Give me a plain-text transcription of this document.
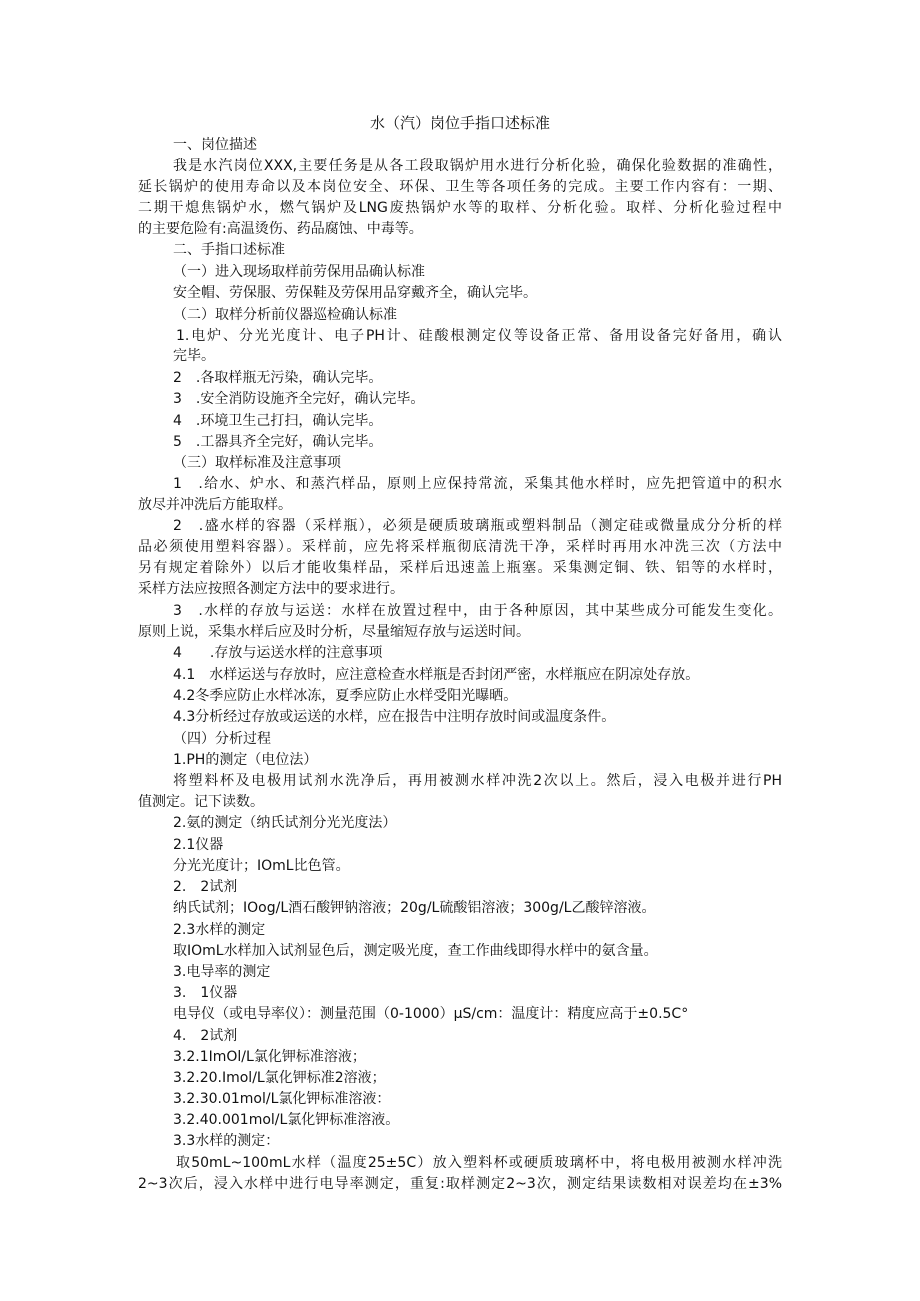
水（汽）岗位手指口述标准
一、岗位描述
我是水汽岗位XXX,主要任务是从各工段取锅炉用水进行分析化验，确保化验数据的准确性，
延长锅炉的使用寿命以及本岗位安全、环保、卫生等各项任务的完成。主要工作内容有：一期、
二期干熄焦锅炉水，燃气锅炉及LNG废热锅炉水等的取样、分析化验。取样、分析化验过程中
的主要危险有:高温烫伤、药品腐蚀、中毒等。
二、手指口述标准
（一）进入现场取样前劳保用品确认标准
安全帽、劳保服、劳保鞋及劳保用品穿戴齐全，确认完毕。
（二）取样分析前仪器巡检确认标准
1.电炉、分光光度计、电子PH计、硅酸根测定仪等设备正常、备用设备完好备用，确认
完毕。
2　.各取样瓶无污染，确认完毕。
3　.安全消防设施齐全完好，确认完毕。
4　.环境卫生己打扫，确认完毕。
5　.工器具齐全完好，确认完毕。
（三）取样标准及注意事项
1　.给水、炉水、和蒸汽样品，原则上应保持常流，采集其他水样时，应先把管道中的积水
放尽并冲洗后方能取样。
2　.盛水样的容器（采样瓶），必须是硬质玻璃瓶或塑料制品（测定硅或微量成分分析的样
品必须使用塑料容器）。采样前，应先将采样瓶彻底清洗干净，采样时再用水冲洗三次（方法中
另有规定着除外）以后才能收集样品，采样后迅速盖上瓶塞。采集测定铜、铁、铝等的水样时，
采样方法应按照各测定方法中的要求进行。
3　.水样的存放与运送：水样在放置过程中，由于各种原因，其中某些成分可能发生变化。
原则上说，采集水样后应及时分析，尽量缩短存放与运送时间。
4　　.存放与运送水样的注意事项
4.1　水样运送与存放时，应注意检查水样瓶是否封闭严密，水样瓶应在阴凉处存放。
4.2冬季应防止水样冰冻，夏季应防止水样受阳光曝晒。
4.3分析经过存放或运送的水样，应在报告中注明存放时间或温度条件。
（四）分析过程
1.PH的测定（电位法）
将塑料杯及电极用试剂水洗净后，再用被测水样冲洗2次以上。然后，浸入电极并进行PH
值测定。记下读数。
2.氨的测定（纳氏试剂分光光度法）
2.1仪器
分光光度计；IOmL比色管。
2.　2试剂
纳氏试剂；IOog/L酒石酸钾钠溶液；20g/L硫酸铝溶液；300g/L乙酸锌溶液。
2.3水样的测定
取IOmL水样加入试剂显色后，测定吸光度，查工作曲线即得水样中的氨含量。
3.电导率的测定
3.　1仪器
电导仪（或电导率仪）：测量范围（0-1000）μS/cm：温度计：精度应高于±0.5C°
4.　2试剂
3.2.1ImOl/L氯化钾标准溶液；
3.2.20.Imol/L氯化钾标准2溶液；
3.2.30.01mol/L氯化钾标准溶液：
3.2.40.001mol/L氯化钾标准溶液。
3.3水样的测定：
取50mL~100mL水样（温度25±5C）放入塑料杯或硬质玻璃杯中，将电极用被测水样冲洗
2~3次后，浸入水样中进行电导率测定，重复:取样测定2~3次，测定结果读数相对误差均在±3%
